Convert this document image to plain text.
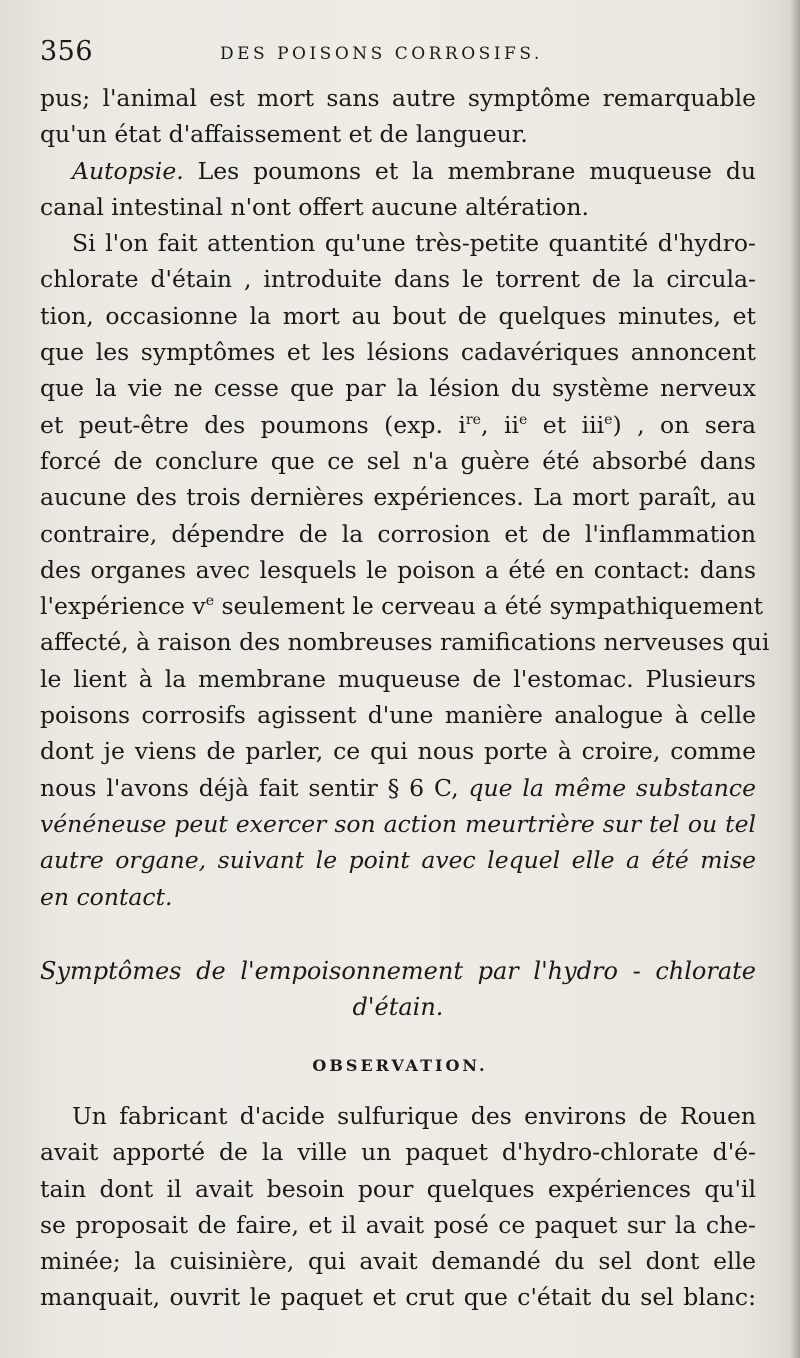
356	DES POISONS CORROSIFS.
pus; l'animal est mort sans autre symptôme remarquable
qu'un état d'affaissement et de langueur.
Autopsie. Les poumons et la membrane muqueuse du
canal intestinal n'ont offert aucune altération.
Si l'on fait attention qu'une très-petite quantité d'hydro-
chlorate d'étain , introduite dans le torrent de la circula-
tion, occasionne la mort au bout de quelques minutes, et
que les symptômes et les lésions cadavériques annoncent
que la vie ne cesse que par la lésion du système nerveux
et peut-être des poumons (exp. $i^{re}$, $ii^e$ et iii$^e$) , on sera
forcé de conclure que ce sel n'a guère été absorbé dans
aucune des trois dernières expériences. La mort paraît, au
contraire, dépendre de la corrosion et de l'inflammation
des organes avec lesquels le poison a été en contact: dans
l'expérience $v^e$ seulement le cerveau a été sympathiquement
affecté, à raison des nombreuses ramifications nerveuses qui
le lient à la membrane muqueuse de l'estomac. Plusieurs
poisons corrosifs agissent d'une manière analogue à celle
dont je viens de parler, ce qui nous porte à croire, comme
nous l'avons déjà fait sentir § 6 C, que la même substance
vénéneuse peut exercer son action meurtrière sur tel ou tel
autre organe, suivant le point avec lequel elle a été mise
en contact.
Symptômes de l'empoisonnement par l'hydro - chlorate
d'étain.
OBSERVATION.
Un fabricant d'acide sulfurique des environs de Rouen
avait apporté de la ville un paquet d'hydro-chlorate d'é-
tain dont il avait besoin pour quelques expériences qu'il
se proposait de faire, et il avait posé ce paquet sur la che-
minée; la cuisinière, qui avait demandé du sel dont elle
manquait, ouvrit le paquet et crut que c'était du sel blanc:
